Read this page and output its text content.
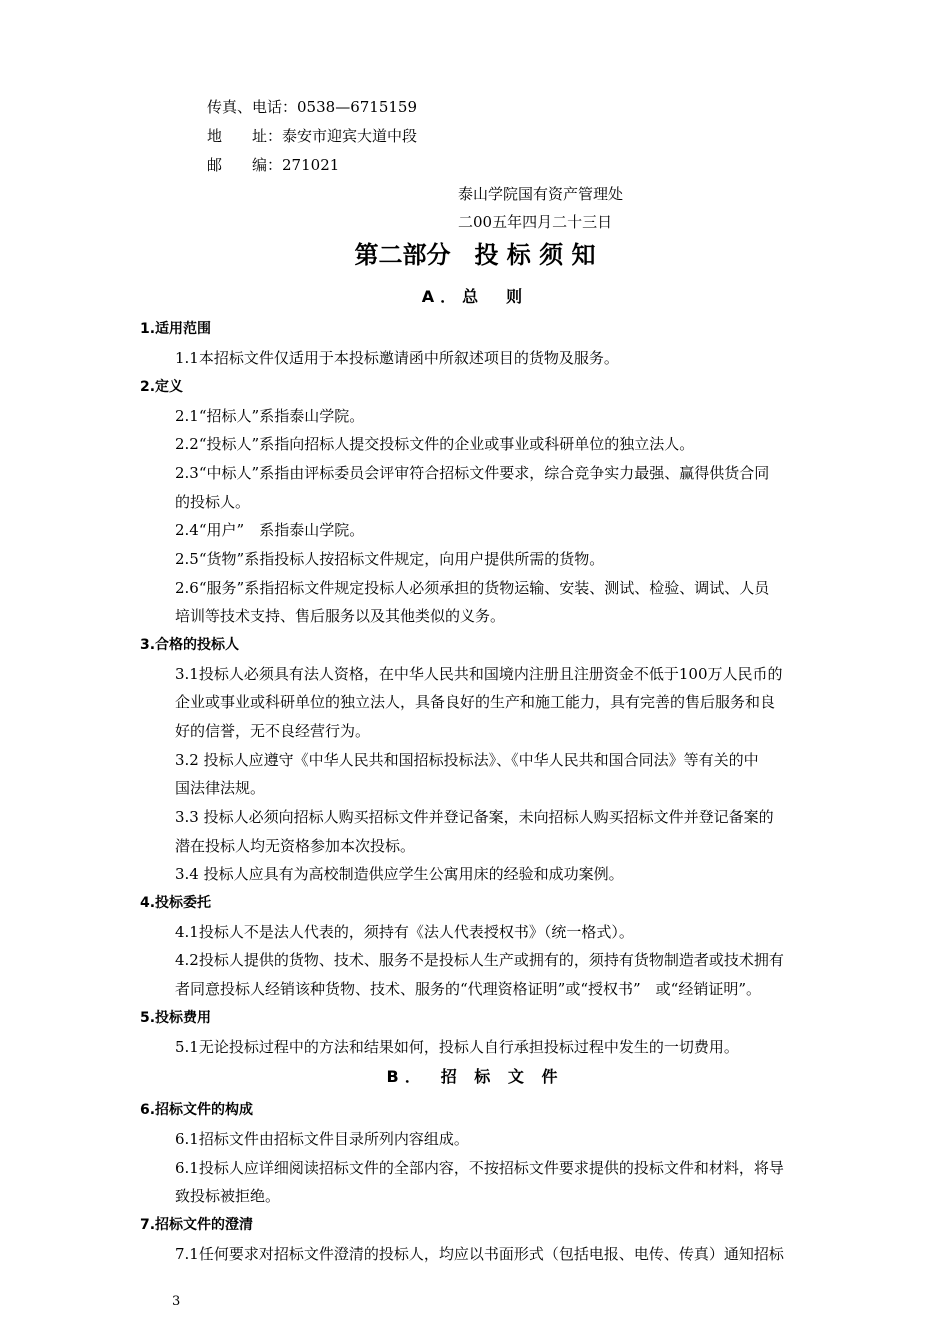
传真、电话：0538—6715159
地　　址：泰安市迎宾大道中段
邮　　编：271021
泰山学院国有资产管理处
二00五年四月二十三日
第二部分　投 标 须 知
A．总　则
1.适用范围
1.1本招标文件仅适用于本投标邀请函中所叙述项目的货物及服务。
2.定义
2.1“招标人”系指泰山学院。
2.2“投标人”系指向招标人提交投标文件的企业或事业或科研单位的独立法人。
2.3“中标人”系指由评标委员会评审符合招标文件要求，综合竞争实力最强、赢得供货合同
的投标人。
2.4“用户”　系指泰山学院。
2.5“货物”系指投标人按招标文件规定，向用户提供所需的货物。
2.6“服务”系指招标文件规定投标人必须承担的货物运输、安装、测试、检验、调试、人员
培训等技术支持、售后服务以及其他类似的义务。
3.合格的投标人
3.1投标人必须具有法人资格，在中华人民共和国境内注册且注册资金不低于100万人民币的
企业或事业或科研单位的独立法人，具备良好的生产和施工能力，具有完善的售后服务和良
好的信誉，无不良经营行为。
3.2 投标人应遵守《中华人民共和国招标投标法》、《中华人民共和国合同法》等有关的中
国法律法规。
3.3 投标人必须向招标人购买招标文件并登记备案，未向招标人购买招标文件并登记备案的
潜在投标人均无资格参加本次投标。
3.4 投标人应具有为高校制造供应学生公寓用床的经验和成功案例。
4.投标委托
4.1投标人不是法人代表的，须持有《法人代表授权书》（统一格式）。
4.2投标人提供的货物、技术、服务不是投标人生产或拥有的，须持有货物制造者或技术拥有
者同意投标人经销该种货物、技术、服务的“代理资格证明”或“授权书”　或“经销证明”。
5.投标费用
5.1无论投标过程中的方法和结果如何，投标人自行承担投标过程中发生的一切费用。
B．　招 标 文 件
6.招标文件的构成
6.1招标文件由招标文件目录所列内容组成。
6.1投标人应详细阅读招标文件的全部内容，不按招标文件要求提供的投标文件和材料，将导
致投标被拒绝。
7.招标文件的澄清
7.1任何要求对招标文件澄清的投标人，均应以书面形式（包括电报、电传、传真）通知招标
3
